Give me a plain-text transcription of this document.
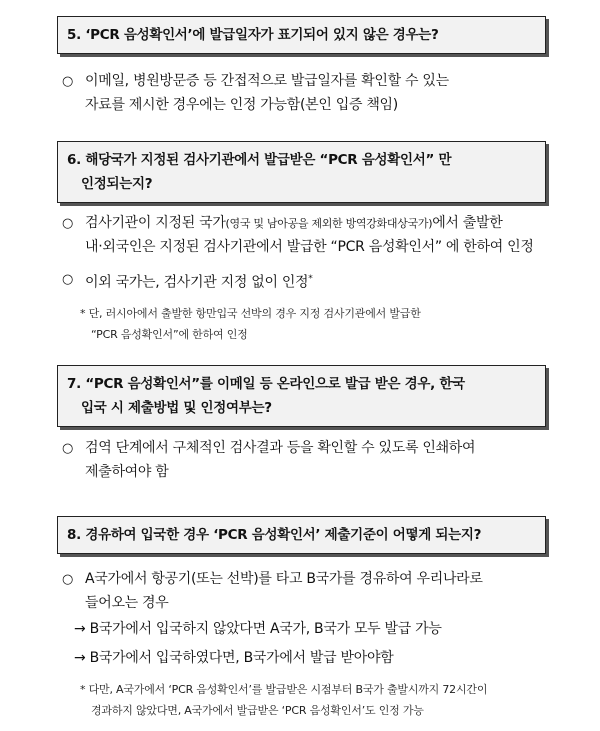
5. ‘PCR 음성확인서’에 발급일자가 표기되어 있지 않은 경우는?
○ 이메일, 병원방문증 등 간접적으로 발급일자를 확인할 수 있는
자료를 제시한 경우에는 인정 가능함(본인 입증 책임)
6. 해당국가 지정된 검사기관에서 발급받은 “PCR 음성확인서” 만
인정되는지?
○ 검사기관이 지정된 국가(영국 및 남아공을 제외한 방역강화대상국가)에서 출발한
내‧외국인은 지정된 검사기관에서 발급한 “PCR 음성확인서” 에 한하여 인정
○ 이외 국가는, 검사기관 지정 없이 인정*
* 단, 러시아에서 출발한 항만입국 선박의 경우 지정 검사기관에서 발급한
“PCR 음성확인서”에 한하여 인정
7. “PCR 음성확인서”를 이메일 등 온라인으로 발급 받은 경우, 한국
입국 시 제출방법 및 인정여부는?
○ 검역 단계에서 구체적인 검사결과 등을 확인할 수 있도록 인쇄하여
제출하여야 함
8. 경유하여 입국한 경우 ‘PCR 음성확인서’ 제출기준이 어떻게 되는지?
○ A국가에서 항공기(또는 선박)를 타고 B국가를 경유하여 우리나라로
들어오는 경우
→ B국가에서 입국하지 않았다면 A국가, B국가 모두 발급 가능
→ B국가에서 입국하였다면, B국가에서 발급 받아야함
* 다만, A국가에서 ‘PCR 음성확인서’를 발급받은 시점부터 B국가 출발시까지 72시간이
경과하지 않았다면, A국가에서 발급받은 ‘PCR 음성확인서’도 인정 가능
